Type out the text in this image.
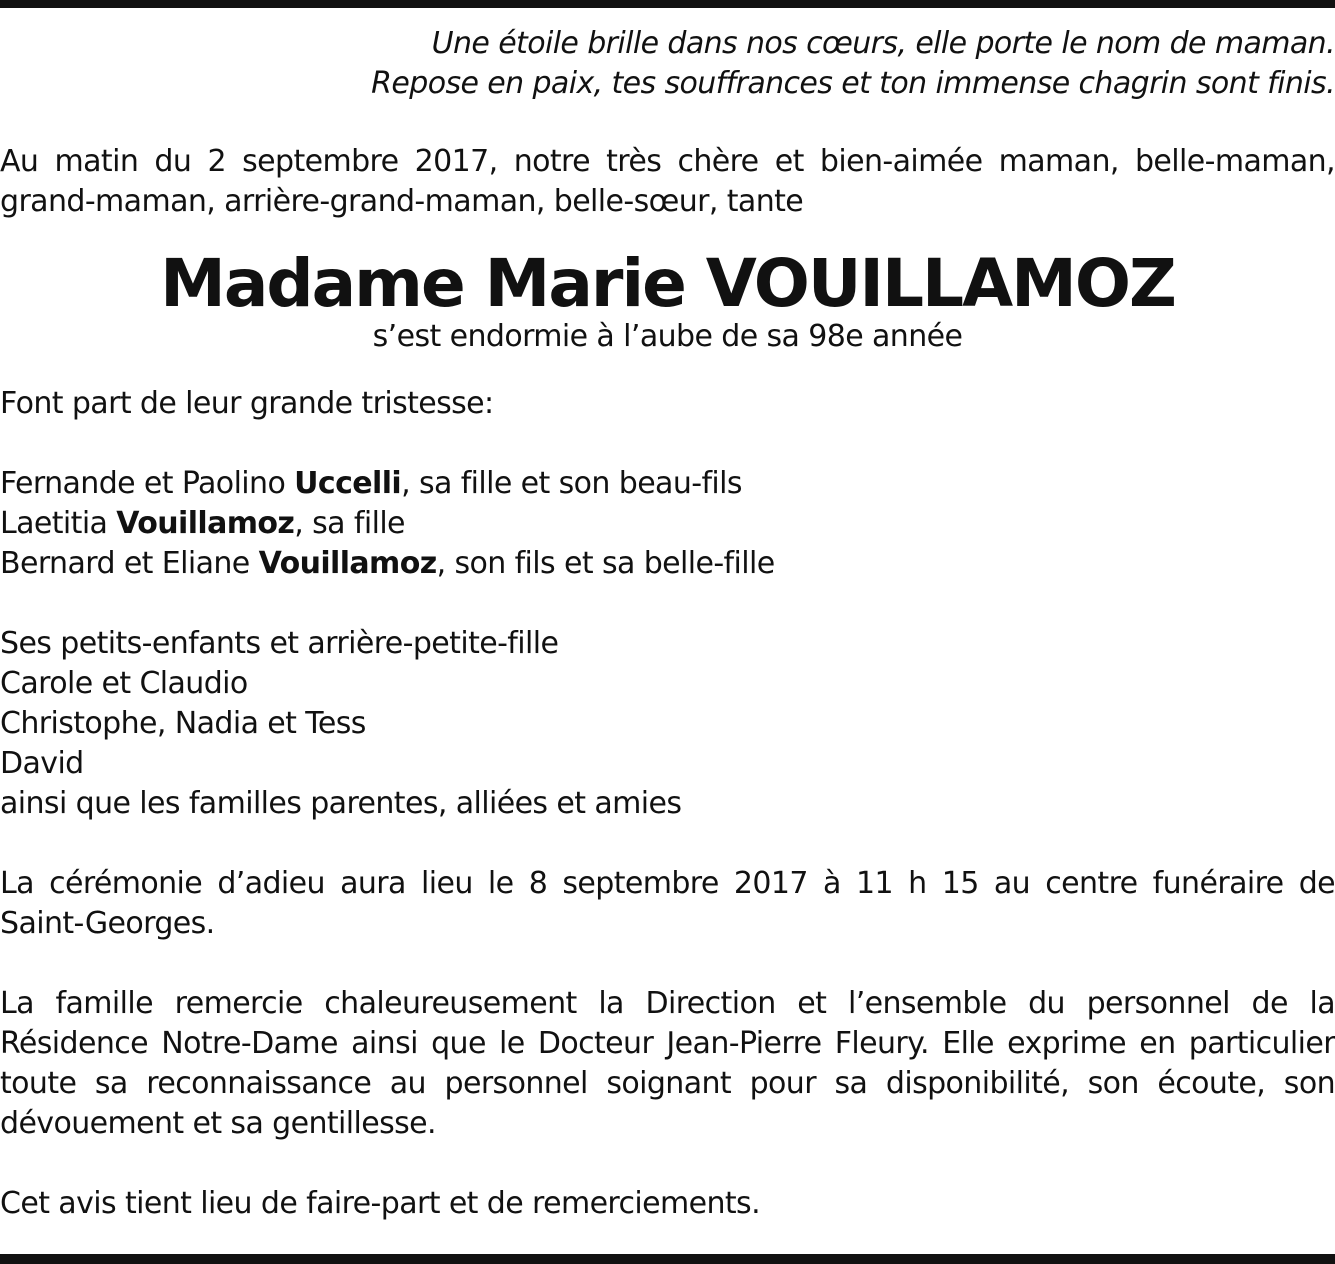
Une étoile brille dans nos cœurs, elle porte le nom de maman.
Repose en paix, tes souffrances et ton immense chagrin sont finis.
Au matin du 2 septembre 2017, notre très chère et bien-aimée maman, belle-maman,
grand-maman, arrière-grand-maman, belle-sœur, tante
Madame Marie VOUILLAMOZ
s’est endormie à l’aube de sa 98e année
Font part de leur grande tristesse:
Fernande et Paolino Uccelli, sa fille et son beau-fils
Laetitia Vouillamoz, sa fille
Bernard et Eliane Vouillamoz, son fils et sa belle-fille
Ses petits-enfants et arrière-petite-fille
Carole et Claudio
Christophe, Nadia et Tess
David
ainsi que les familles parentes, alliées et amies
La cérémonie d’adieu aura lieu le 8 septembre 2017 à 11 h 15 au centre funéraire de
Saint-Georges.
La famille remercie chaleureusement la Direction et l’ensemble du personnel de la
Résidence Notre-Dame ainsi que le Docteur Jean-Pierre Fleury. Elle exprime en particulier
toute sa reconnaissance au personnel soignant pour sa disponibilité, son écoute, son
dévouement et sa gentillesse.
Cet avis tient lieu de faire-part et de remerciements.
